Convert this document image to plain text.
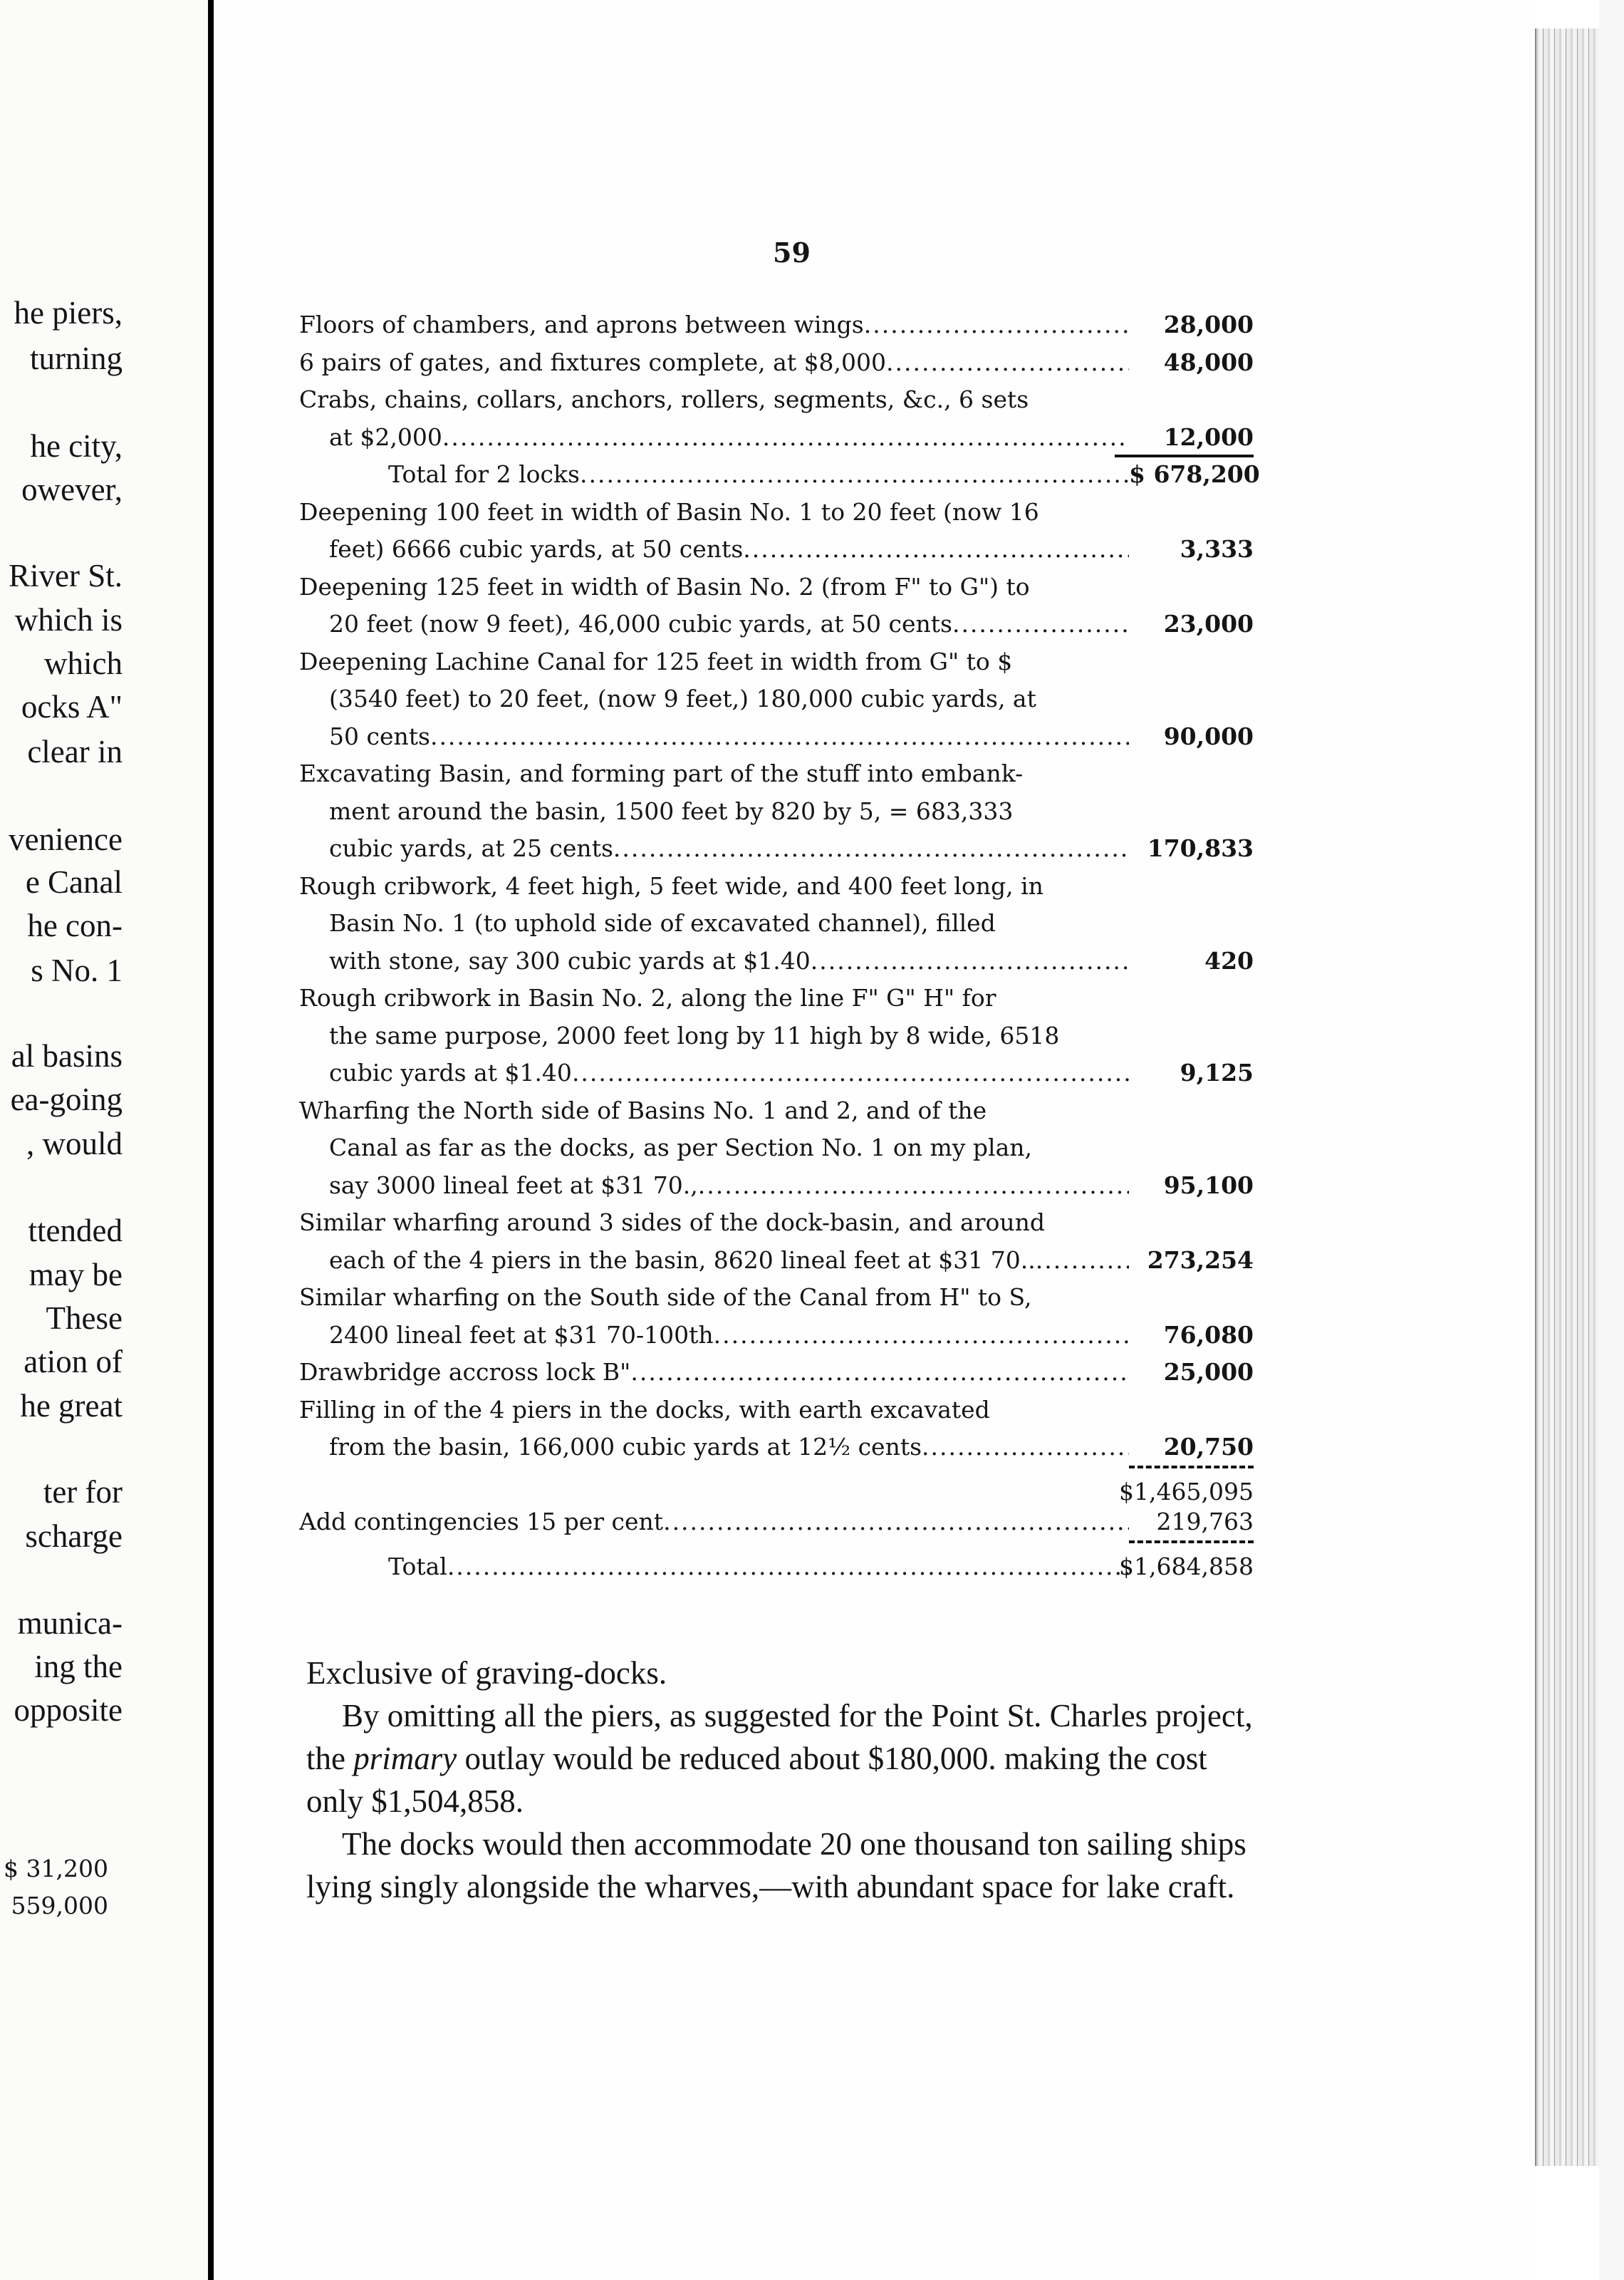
he piers,
turning
he city,
owever,
River St.
which is
which
ocks A"
clear in
venience
e Canal
he con-
s No. 1
al basins
ea-going
, would
ttended
may be
These
ation of
he great
ter for
scharge
munica-
ing the
opposite
$ 31,200
559,000
59
Floors of chambers, and aprons between wings .....	28,000
6 pairs of gates, and fixtures complete, at $8,000 .....	48,000
Crabs, chains, collars, anchors, rollers, segments, &c., 6 sets
at $2,000 .....	12,000
Total for 2 locks .....	$ 678,200
Deepening 100 feet in width of Basin No. 1 to 20 feet (now 16
feet) 6666 cubic yards, at 50 cents .....	3,333
Deepening 125 feet in width of Basin No. 2 (from F" to G") to
20 feet (now 9 feet), 46,000 cubic yards, at 50 cents .....	23,000
Deepening Lachine Canal for 125 feet in width from G" to $
(3540 feet) to 20 feet, (now 9 feet,) 180,000 cubic yards, at
50 cents .....	90,000
Excavating Basin, and forming part of the stuff into embank-
ment around the basin, 1500 feet by 820 by 5, = 683,333
cubic yards, at 25 cents .....	170,833
Rough cribwork, 4 feet high, 5 feet wide, and 400 feet long, in
Basin No. 1 (to uphold side of excavated channel), filled
with stone, say 300 cubic yards at $1.40 .....	420
Rough cribwork in Basin No. 2, along the line F" G" H" for
the same purpose, 2000 feet long by 11 high by 8 wide, 6518
cubic yards at $1.40 .....	9,125
Wharfing the North side of Basins No. 1 and 2, and of the
Canal as far as the docks, as per Section No. 1 on my plan,
say 3000 lineal feet at $31 70., .....	95,100
Similar wharfing around 3 sides of the dock-basin, and around
each of the 4 piers in the basin, 8620 lineal feet at $31 70.. .....	273,254
Similar wharfing on the South side of the Canal from H" to S,
2400 lineal feet at $31 70-100th .....	76,080
Drawbridge accross lock B" .....	25,000
Filling in of the 4 piers in the docks, with earth excavated
from the basin, 166,000 cubic yards at 12½ cents .....	20,750
$1,465,095
Add contingencies 15 per cent .....	219,763
Total .....	$1,684,858

Exclusive of graving-docks.

By omitting all the piers, as suggested for the Point St. Charles project, the primary outlay would be reduced about $180,000. making the cost only $1,504,858.

The docks would then accommodate 20 one thousand ton sailing ships lying singly alongside the wharves,—with abundant space for lake craft.
